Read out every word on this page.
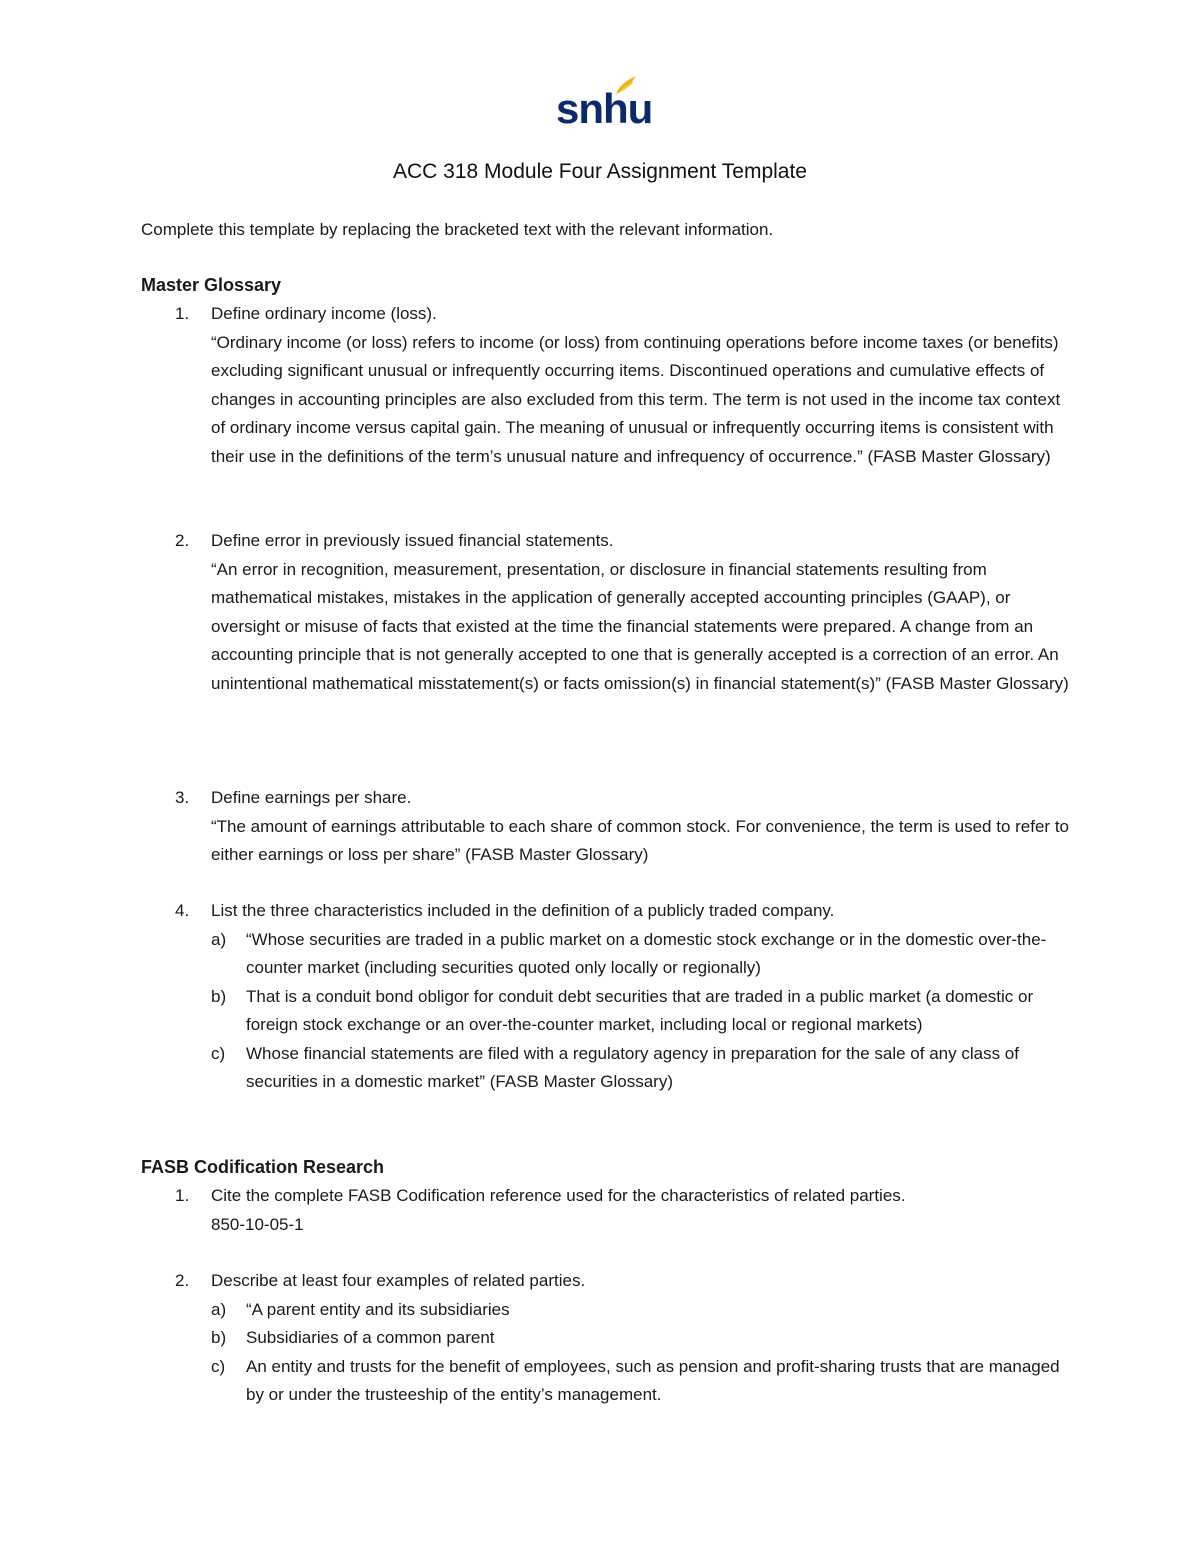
snhu
ACC 318 Module Four Assignment Template
Complete this template by replacing the bracketed text with the relevant information.
Master Glossary
1. Define ordinary income (loss).

“Ordinary income (or loss) refers to income (or loss) from continuing operations before income taxes (or benefits) excluding significant unusual or infrequently occurring items. Discontinued operations and cumulative effects of changes in accounting principles are also excluded from this term. The term is not used in the income tax context of ordinary income versus capital gain. The meaning of unusual or infrequently occurring items is consistent with their use in the definitions of the term’s unusual nature and infrequency of occurrence.” (FASB Master Glossary)

2. Define error in previously issued financial statements.

“An error in recognition, measurement, presentation, or disclosure in financial statements resulting from mathematical mistakes, mistakes in the application of generally accepted accounting principles (GAAP), or oversight or misuse of facts that existed at the time the financial statements were prepared. A change from an accounting principle that is not generally accepted to one that is generally accepted is a correction of an error. An unintentional mathematical misstatement(s) or facts omission(s) in financial statement(s)” (FASB Master Glossary)

3. Define earnings per share.

“The amount of earnings attributable to each share of common stock. For convenience, the term is used to refer to either earnings or loss per share” (FASB Master Glossary)

4. List the three characteristics included in the definition of a publicly traded company.

a) “Whose securities are traded in a public market on a domestic stock exchange or in the domestic over-the-counter market (including securities quoted only locally or regionally)

b) That is a conduit bond obligor for conduit debt securities that are traded in a public market (a domestic or foreign stock exchange or an over-the-counter market, including local or regional markets)

c) Whose financial statements are filed with a regulatory agency in preparation for the sale of any class of securities in a domestic market” (FASB Master Glossary)

FASB Codification Research
1. Cite the complete FASB Codification reference used for the characteristics of related parties.

850-10-05-1

2. Describe at least four examples of related parties.

a) “A parent entity and its subsidiaries

b) Subsidiaries of a common parent

c) An entity and trusts for the benefit of employees, such as pension and profit-sharing trusts that are managed by or under the trusteeship of the entity’s management.
